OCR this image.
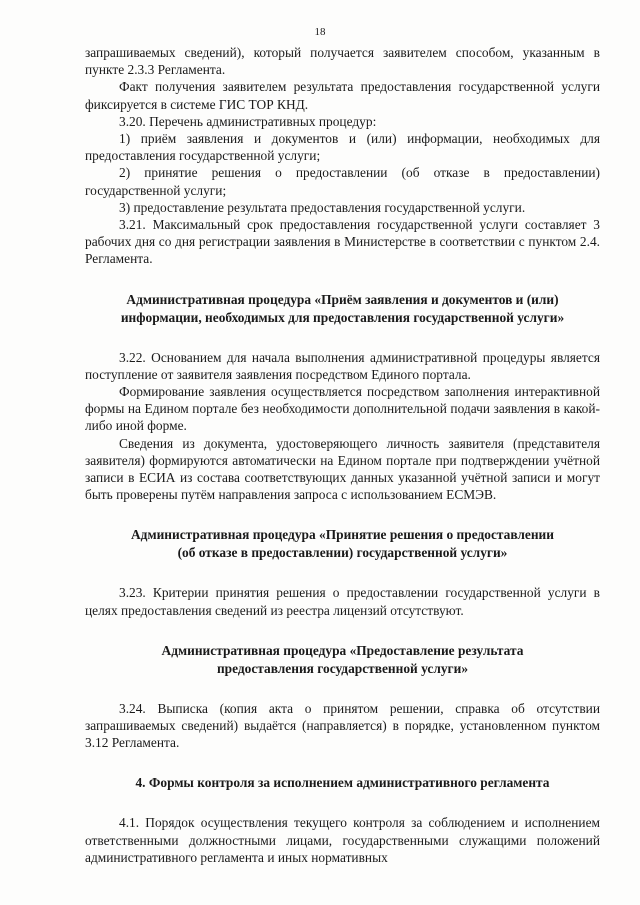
18

запрашиваемых сведений), который получается заявителем способом, указанным в пункте 2.3.3 Регламента.

Факт получения заявителем результата предоставления государственной услуги фиксируется в системе ГИС ТОР КНД.

3.20. Перечень административных процедур:

1) приём заявления и документов и (или) информации, необходимых для предоставления государственной услуги;

2) принятие решения о предоставлении (об отказе в предоставлении) государственной услуги;

3) предоставление результата предоставления государственной услуги.

3.21. Максимальный срок предоставления государственной услуги составляет 3 рабочих дня со дня регистрации заявления в Министерстве в соответствии с пунктом 2.4. Регламента.

Административная процедура «Приём заявления и документов и (или)

информации, необходимых для предоставления государственной услуги»

3.22. Основанием для начала выполнения административной процедуры является поступление от заявителя заявления посредством Единого портала.

Формирование заявления осуществляется посредством заполнения интерактивной формы на Едином портале без необходимости дополнительной подачи заявления в какой-либо иной форме.

Сведения из документа, удостоверяющего личность заявителя (представителя заявителя) формируются автоматически на Едином портале при подтверждении учётной записи в ЕСИА из состава соответствующих данных указанной учётной записи и могут быть проверены путём направления запроса с использованием ЕСМЭВ.

Административная процедура «Принятие решения о предоставлении

(об отказе в предоставлении) государственной услуги»

3.23. Критерии принятия решения о предоставлении государственной услуги в целях предоставления сведений из реестра лицензий отсутствуют.

Административная процедура «Предоставление результата

предоставления государственной услуги»

3.24. Выписка (копия акта о принятом решении, справка об отсутствии запрашиваемых сведений) выдаётся (направляется) в порядке, установленном пунктом 3.12 Регламента.

4. Формы контроля за исполнением административного регламента

4.1. Порядок осуществления текущего контроля за соблюдением и исполнением ответственными должностными лицами, государственными служащими положений административного регламента и иных нормативных
